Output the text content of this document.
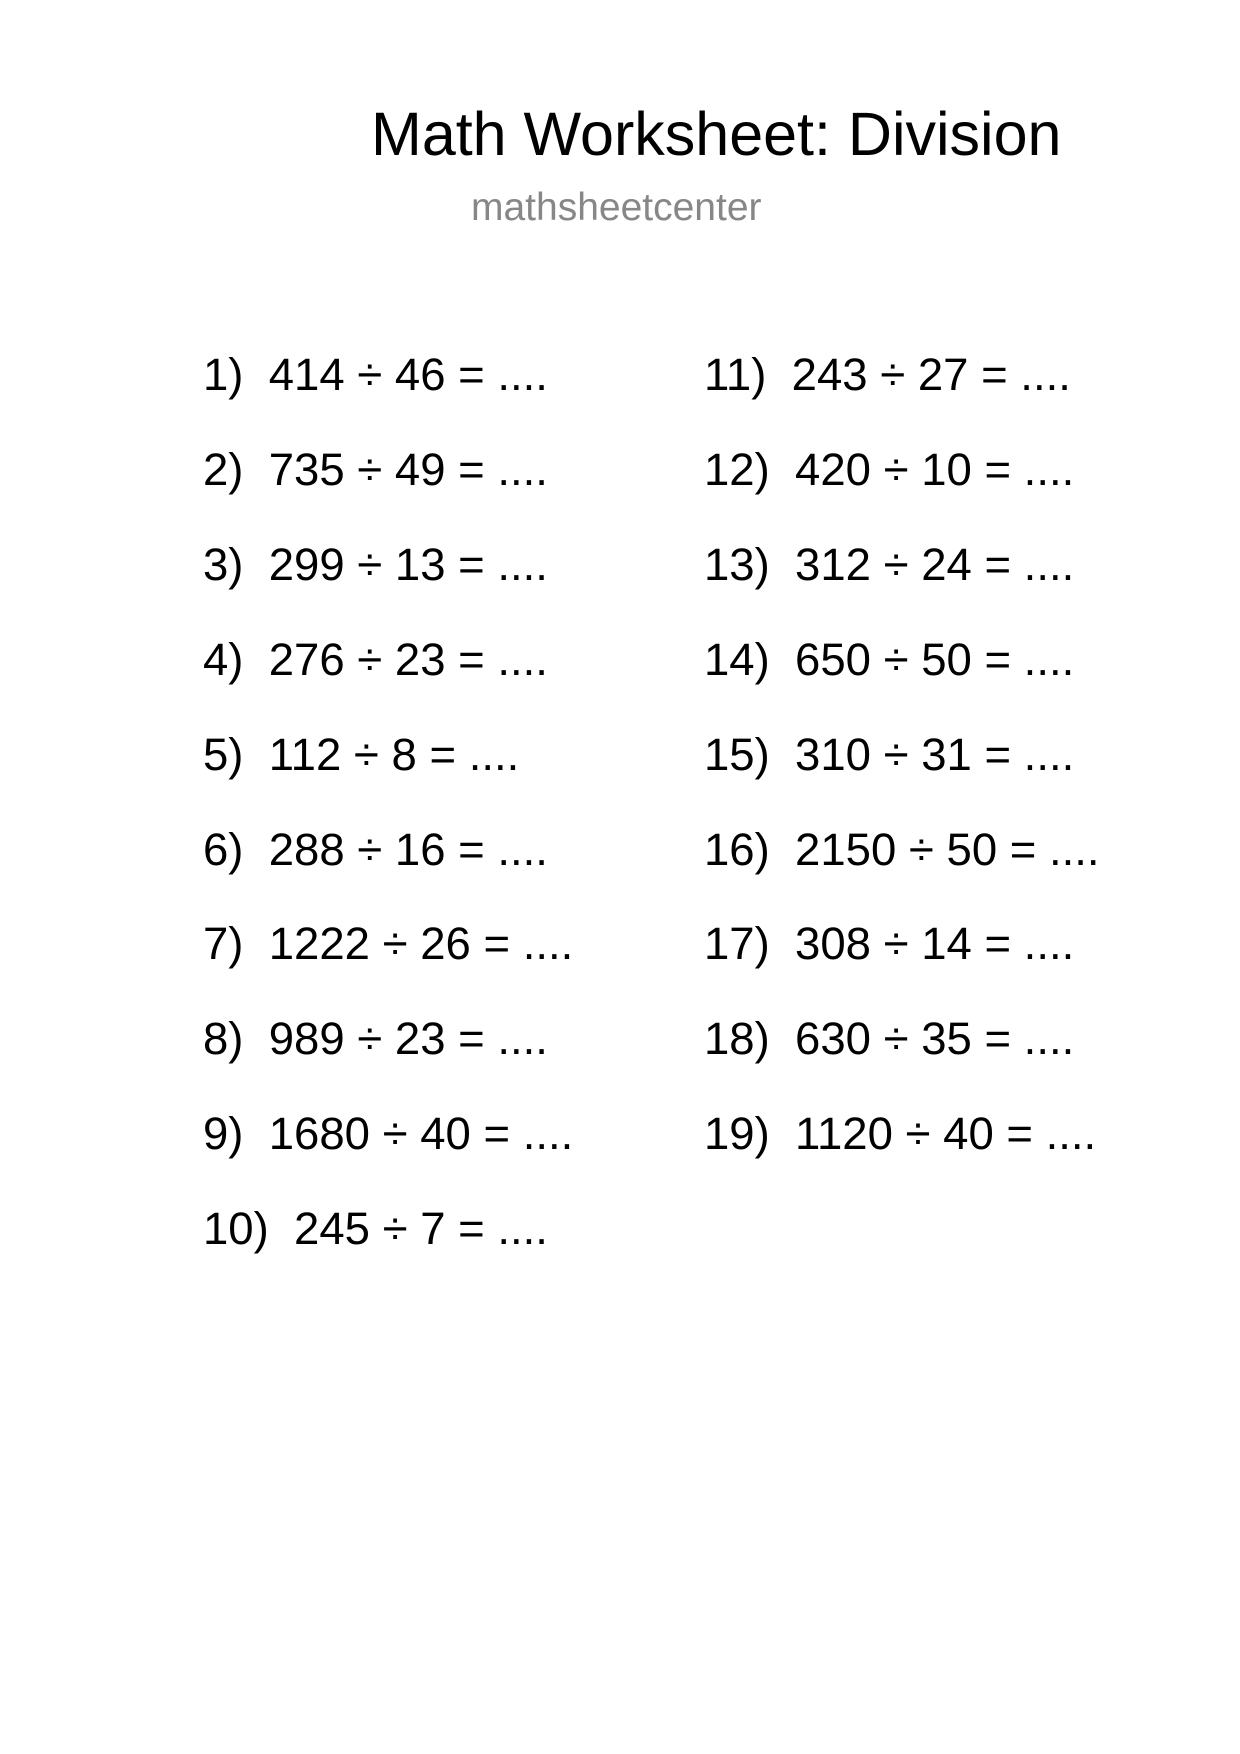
Math Worksheet: Division
mathsheetcenter
1)  414 ÷ 46 = ....
2)  735 ÷ 49 = ....
3)  299 ÷ 13 = ....
4)  276 ÷ 23 = ....
5)  112 ÷ 8 = ....
6)  288 ÷ 16 = ....
7)  1222 ÷ 26 = ....
8)  989 ÷ 23 = ....
9)  1680 ÷ 40 = ....
10)  245 ÷ 7 = ....
11)  243 ÷ 27 = ....
12)  420 ÷ 10 = ....
13)  312 ÷ 24 = ....
14)  650 ÷ 50 = ....
15)  310 ÷ 31 = ....
16)  2150 ÷ 50 = ....
17)  308 ÷ 14 = ....
18)  630 ÷ 35 = ....
19)  1120 ÷ 40 = ....
